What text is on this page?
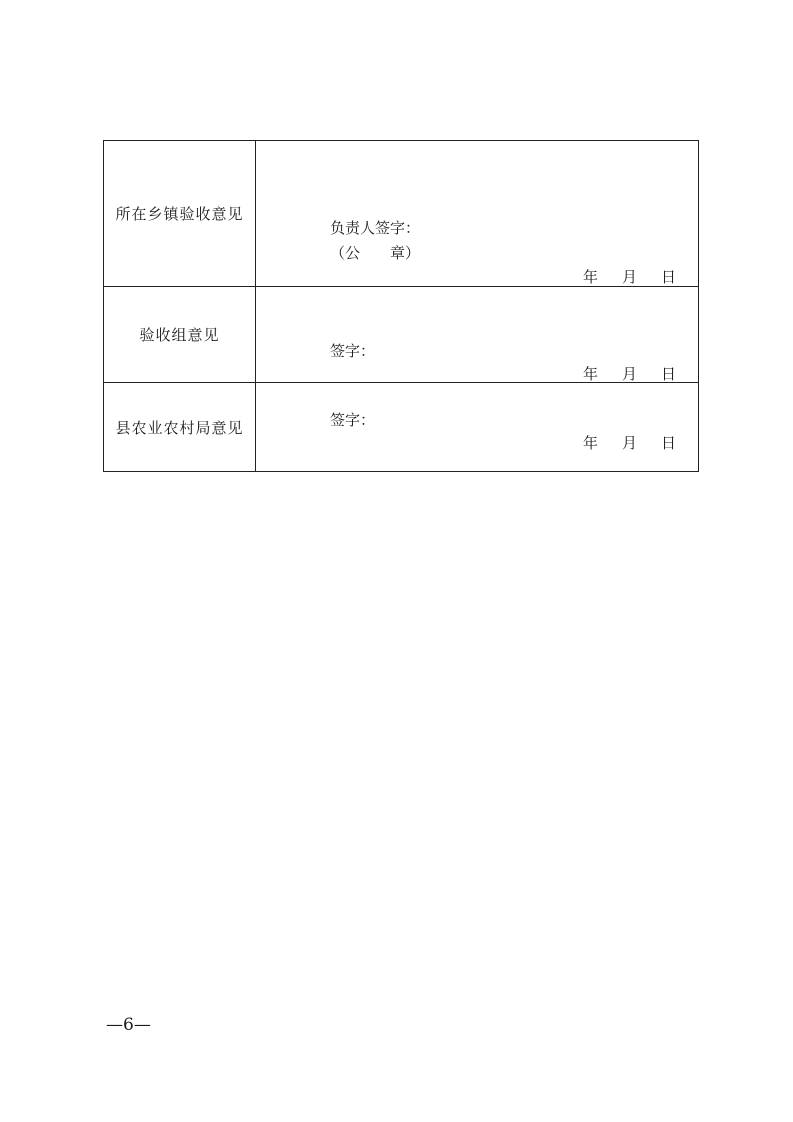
所在乡镇验收意见
负责人签字：
（公　　章）
年 月 日
验收组意见
签字：
年 月 日
县农业农村局意见	签字：
年 月 日
—6—
